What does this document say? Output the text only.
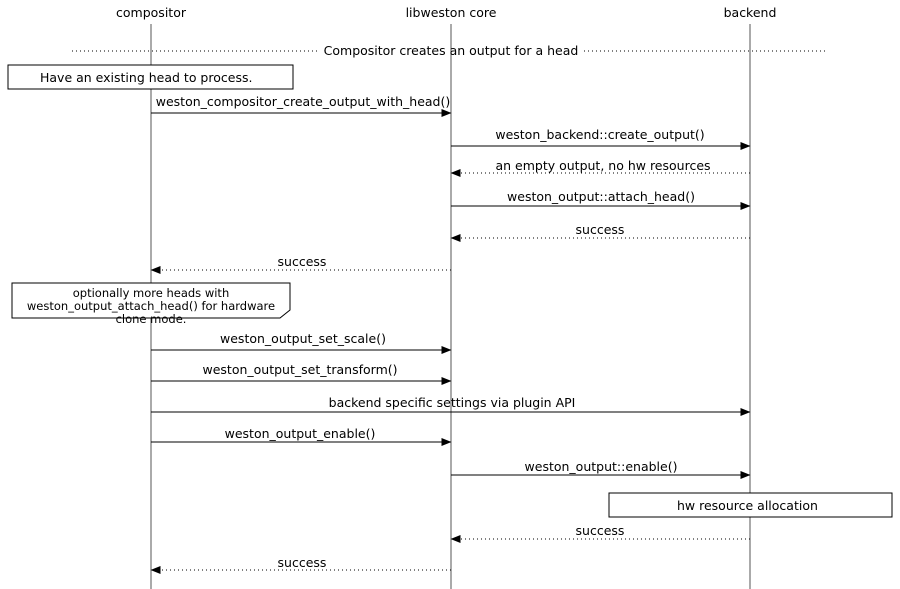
compositor	libweston core	backend
Compositor creates an output for a head
Have an existing head to process.
hw resource allocation
optionally more heads with
weston_output_attach_head() for hardware
clone mode.
weston_compositor_create_output_with_head()
weston_backend::create_output()
an empty output, no hw resources
weston_output::attach_head()
success
success
weston_output_set_scale()
weston_output_set_transform()
backend specific settings via plugin API
weston_output_enable()
weston_output::enable()
success
success
